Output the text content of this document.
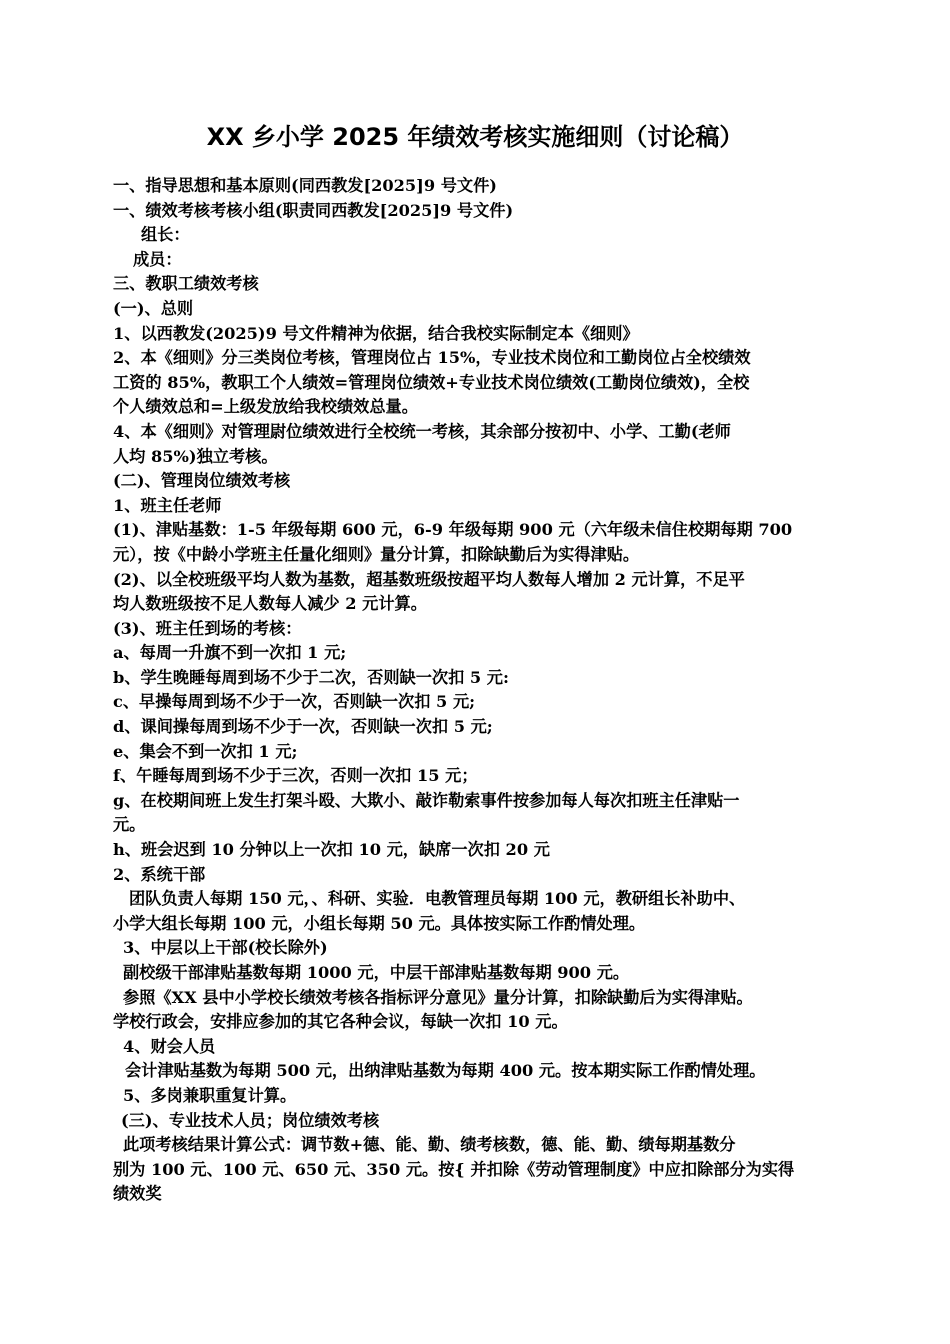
XX 乡小学 2025 年绩效考核实施细则（讨论稿）
一、指导思想和基本原则(同西教发[2025]9 号文件)
一、绩效考核考核小组(职责同西教发[2025]9 号文件)
组长：
成员：
三、教职工绩效考核
(一)、总则
1、以西教发(2025)9 号文件精神为依据，结合我校实际制定本《细则》
2、本《细则》分三类岗位考核，管理岗位占 15%，专业技术岗位和工勤岗位占全校绩效
工资的 85%，教职工个人绩效=管理岗位绩效+专业技术岗位绩效(工勤岗位绩效)，全校
个人绩效总和=上级发放给我校绩效总量。
4、本《细则》对管理尉位绩效进行全校统一考核，其余部分按初中、小学、工勤(老师
人均 85%)独立考核。
(二)、管理岗位绩效考核
1、班主任老师
(1)、津贴基数：1-5 年级每期 600 元，6-9 年级每期 900 元（六年级未信住校期每期 700
元），按《中龄小学班主任量化细则》量分计算，扣除缺勤后为实得津贴。
(2)、以全校班级平均人数为基数，超基数班级按超平均人数每人增加 2 元计算，不足平
均人数班级按不足人数每人减少 2 元计算。
(3)、班主任到场的考核：
a、每周一升旗不到一次扣 1 元;
b、学生晚睡每周到场不少于二次，否则缺一次扣 5 元:
c、早操每周到场不少于一次，否则缺一次扣 5 元;
d、课间操每周到场不少于一次，否则缺一次扣 5 元;
e、集会不到一次扣 1 元;
f、午睡每周到场不少于三次，否则一次扣 15 元；
g、在校期间班上发生打架斗殴、大欺小、敲诈勒索事件按参加每人每次扣班主任津贴一
元。
h、班会迟到 10 分钟以上一次扣 10 元，缺席一次扣 20 元
2、系统干部
团队负责人每期 150 元，、科研、实验．电教管理员每期 100 元，教研组长补助中、
小学大组长每期 100 元，小组长每期 50 元。具体按实际工作酌情处理。
3、中层以上干部(校长除外)
副校级干部津贴基数每期 1000 元，中层干部津贴基数每期 900 元。
参照《XX 县中小学校长绩效考核各指标评分意见》量分计算，扣除缺勤后为实得津贴。
学校行政会，安排应参加的其它各种会议，每缺一次扣 10 元。
4、财会人员
会计津贴基数为每期 500 元，出纳津贴基数为每期 400 元。按本期实际工作酌情处理。
5、多岗兼职重复计算。
(三)、专业技术人员；岗位绩效考核
此项考核结果计算公式：调节数+德、能、勤、绩考核数，德、能、勤、绩每期基数分
别为 100 元、100 元、650 元、350 元。按{ 并扣除《劳动管理制度》中应扣除部分为实得
绩效奖
